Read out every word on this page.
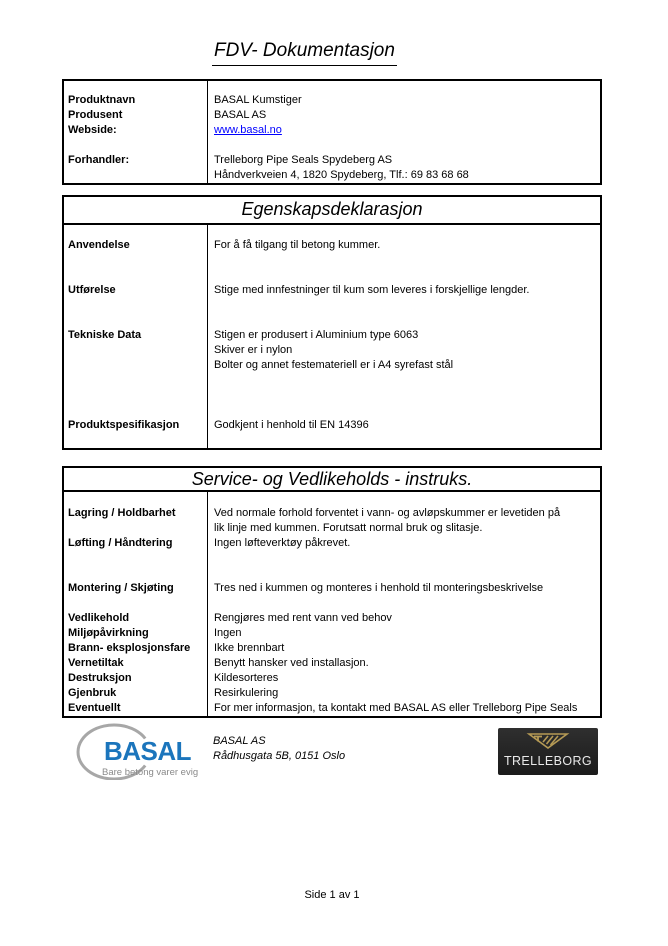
FDV- Dokumentasjon
Produktnavn
Produsent
Webside:
Forhandler:
BASAL Kumstiger
BASAL AS
www.basal.no
Trelleborg Pipe Seals Spydeberg AS
Håndverkveien 4, 1820 Spydeberg, Tlf.: 69 83 68 68
Egenskapsdeklarasjon
Anvendelse
Utførelse
Tekniske Data
Produktspesifikasjon
For å få tilgang til betong kummer.
Stige med innfestninger til kum som leveres i forskjellige lengder.
Stigen er produsert i Aluminium type 6063
Skiver er i nylon
Bolter og annet festemateriell er i A4 syrefast stål
Godkjent i henhold til EN 14396
Service- og Vedlikeholds - instruks.
Lagring / Holdbarhet
Løfting / Håndtering
Montering / Skjøting
Vedlikehold
Miljøpåvirkning
Brann- eksplosjonsfare
Vernetiltak
Destruksjon
Gjenbruk
Eventuellt
Ved normale forhold forventet i vann- og avløpskummer er levetiden på
lik linje med kummen. Forutsatt normal bruk og slitasje.
Ingen løfteverktøy påkrevet.
Tres ned i kummen og monteres i henhold til monteringsbeskrivelse
Rengjøres med rent vann ved behov
Ingen
Ikke brennbart
Benytt hansker ved installasjon.
Kildesorteres
Resirkulering
For mer informasjon, ta kontakt med BASAL AS eller Trelleborg Pipe Seals
BASAL
Bare betong varer evig
BASAL AS
Rådhusgata 5B, 0151 Oslo	TRELLEBORG
Side 1 av 1
